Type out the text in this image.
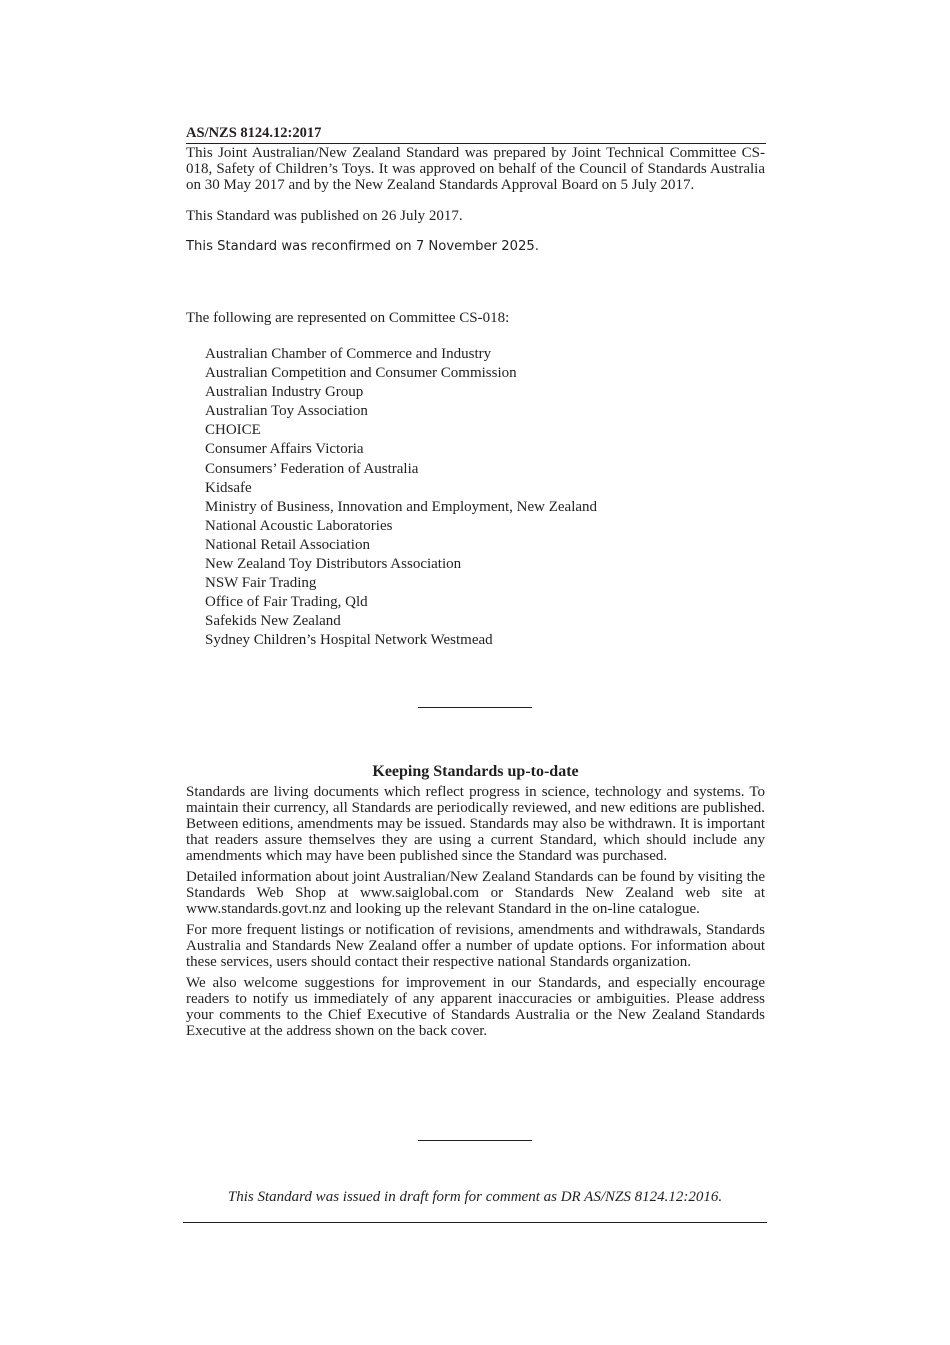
AS/NZS 8124.12:2017

This Joint Australian/New Zealand Standard was prepared by Joint Technical Committee CS-018, Safety of Children’s Toys. It was approved on behalf of the Council of Standards Australia on 30 May 2017 and by the New Zealand Standards Approval Board on 5 July 2017.

This Standard was published on 26 July 2017.

This Standard was reconfirmed on 7 November 2025.

The following are represented on Committee CS-018:

Australian Chamber of Commerce and Industry
Australian Competition and Consumer Commission
Australian Industry Group
Australian Toy Association
CHOICE
Consumer Affairs Victoria
Consumers’ Federation of Australia
Kidsafe
Ministry of Business, Innovation and Employment, New Zealand
National Acoustic Laboratories
National Retail Association
New Zealand Toy Distributors Association
NSW Fair Trading
Office of Fair Trading, Qld
Safekids New Zealand
Sydney Children’s Hospital Network Westmead
Keeping Standards up-to-date

Standards are living documents which reflect progress in science, technology and systems. To maintain their currency, all Standards are periodically reviewed, and new editions are published. Between editions, amendments may be issued. Standards may also be withdrawn. It is important that readers assure themselves they are using a current Standard, which should include any amendments which may have been published since the Standard was purchased.

Detailed information about joint Australian/New Zealand Standards can be found by visiting the Standards Web Shop at www.saiglobal.com or Standards New Zealand web site at www.standards.govt.nz and looking up the relevant Standard in the on-line catalogue.

For more frequent listings or notification of revisions, amendments and withdrawals, Standards Australia and Standards New Zealand offer a number of update options. For information about these services, users should contact their respective national Standards organization.

We also welcome suggestions for improvement in our Standards, and especially encourage readers to notify us immediately of any apparent inaccuracies or ambiguities. Please address your comments to the Chief Executive of Standards Australia or the New Zealand Standards Executive at the address shown on the back cover.

This Standard was issued in draft form for comment as DR AS/NZS 8124.12:2016.
